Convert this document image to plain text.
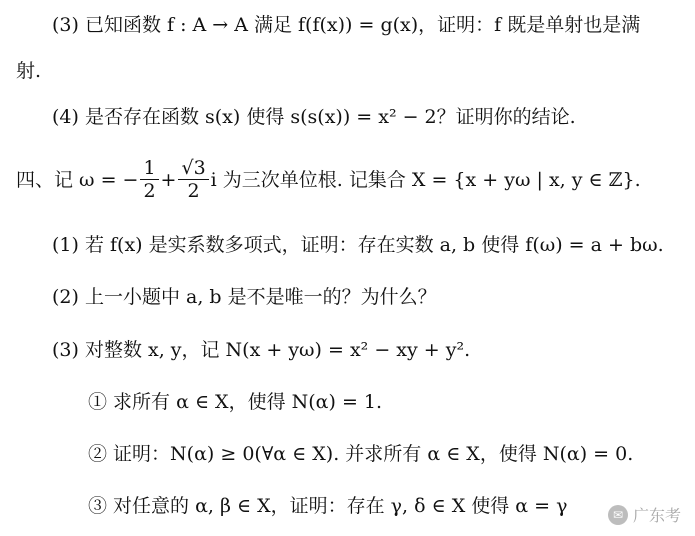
(3) 已知函数 f : A → A 满足 f(f(x)) = g(x)，证明：f 既是单射也是满
射.
(4) 是否存在函数 s(x) 使得 s(s(x)) = x² − 2？证明你的结论.
四、记 ω = − $\frac{1}{2} + \frac{√3}{2}$ i 为三次单位根. 记集合 X = {x + yω | x, y ∈ ℤ}.
(1) 若 f(x) 是实系数多项式，证明：存在实数 a, b 使得 f(ω) = a + bω.
(2) 上一小题中 a, b 是不是唯一的？为什么？
(3) 对整数 x, y，记 N(x + yω) = x² − xy + y².
① 求所有 α ∈ X，使得 N(α) = 1.
② 证明：N(α) ≥ 0(∀α ∈ X). 并求所有 α ∈ X，使得 N(α) = 0.
③ 对任意的 α, β ∈ X，证明：存在 γ, δ ∈ X 使得 α = γ	✉ 广东考
